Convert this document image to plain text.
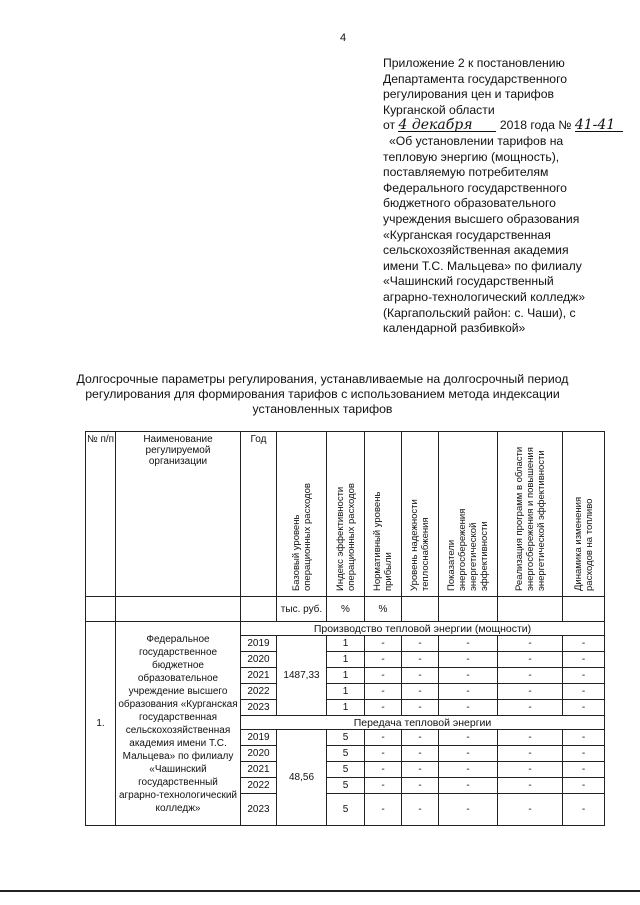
4
Приложение 2 к постановлению
Департамента государственного
регулирования цен и тарифов
Курганской области
от 4 декабря 2018 года № 41-41
«Об установлении тарифов на
тепловую энергию (мощность),
поставляемую потребителям
Федерального государственного
бюджетного образовательного
учреждения высшего образования
«Курганская государственная
сельскохозяйственная академия
имени Т.С. Мальцева» по филиалу
«Чашинский государственный
аграрно-технологический колледж»
(Каргапольский район: с. Чаши), с
календарной разбивкой»
Долгосрочные параметры регулирования, устанавливаемые на долгосрочный период регулирования для формирования тарифов с использованием метода индексации установленных тарифов
№ п/п	Наименование регулируемой организации	Год	Базовый уровень операционных расходов	Индекс эффективности операционных расходов	Нормативный уровень прибыли	Уровень надежности теплоснабжения	Показатели энергосбережения энергетической эффективности	Реализация программ в области энергосбережения и повышения энергетической эффективности	Динамика изменения расходов на топливо

			тыс. руб.	%	%				
1.	Федеральное государственное бюджетное образовательное учреждение высшего образования «Курганская государственная сельскохозяйственная академия имени Т.С. Мальцева» по филиалу «Чашинский государственный аграрно-технологический колледж»	Производство тепловой энергии (мощности)							
		2019	1487,33	1	-	-	-	-	-
		2020		1	-	-	-	-	-
		2021		1	-	-	-	-	-
		2022		1	-	-	-	-	-
		2023		1	-	-	-	-	-
		Передача тепловой энергии							
		2019	48,56	5	-	-	-	-	-
		2020		5	-	-	-	-	-
		2021		5	-	-	-	-	-
		2022		5	-	-	-	-	-
		2023		5	-	-	-	-	-
